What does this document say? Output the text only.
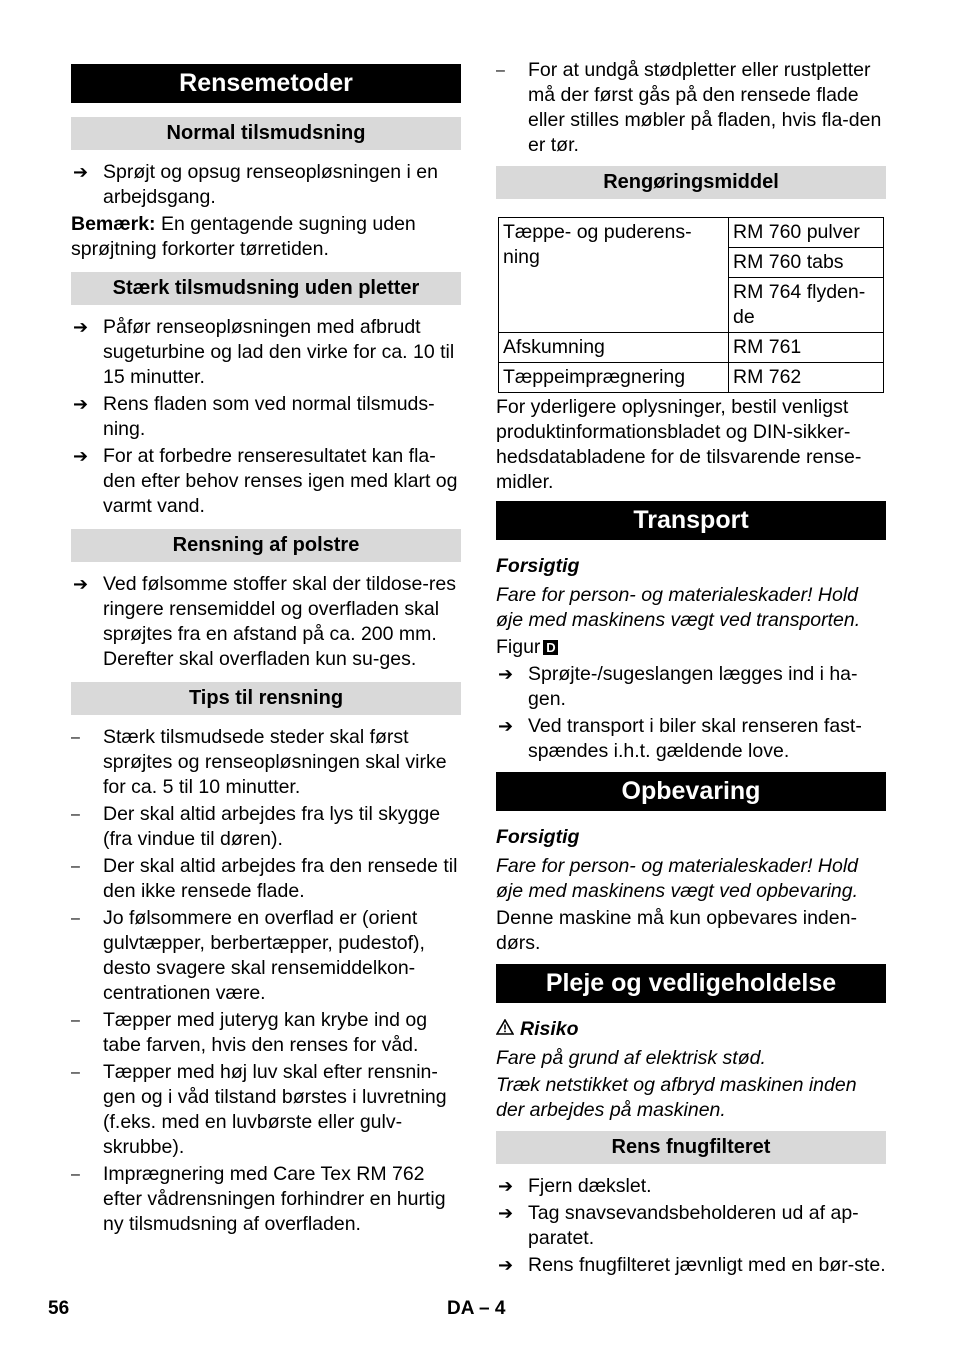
Rensemetoder
Normal tilsmudsning
➔ Sprøjt og opsug renseopløsningen i en arbejdsgang.

Bemærk: En gentagende sugning uden sprøjtning forkorter tørretiden.

Stærk tilsmudsning uden pletter
➔ Påfør renseopløsningen med afbrudt sugeturbine og lad den virke for ca. 10 til 15 minutter.
➔ Rens fladen som ved normal tilsmuds-ning.
➔ For at forbedre renseresultatet kan fla-den efter behov renses igen med klart og varmt vand.
Rensning af polstre
➔ Ved følsomme stoffer skal der tildose-res ringere rensemiddel og overfladen skal sprøjtes fra en afstand på ca. 200 mm. Derefter skal overfladen kun su-ges.
Tips til rensning
–	Stærk tilsmudsede steder skal først sprøjtes og renseopløsningen skal virke for ca. 5 til 10 minutter.
–	Der skal altid arbejdes fra lys til skygge (fra vindue til døren).
–	Der skal altid arbejdes fra den rensede til den ikke rensede flade.
–	Jo følsommere en overflad er (orient gulvtæpper, berbertæpper, pudestof), desto svagere skal rensemiddelkon-centrationen være.
–	Tæpper med juteryg kan krybe ind og tabe farven, hvis den renses for våd.
–	Tæpper med høj luv skal efter rensnin-gen og i våd tilstand børstes i luvretning (f.eks. med en luvbørste eller gulv-skrubbe).
–	Imprægnering med Care Tex RM 762 efter vådrensningen forhindrer en hurtig ny tilsmudsning af overfladen.
–	For at undgå stødpletter eller rustpletter må der først gås på den rensede flade eller stilles møbler på fladen, hvis fla-den er tør.
Rengøringsmiddel
Tæppe- og puderens-ning	RM 760 pulver
	RM 760 tabs
	RM 764 flyden-de
Afskumning	RM 761
Tæppeimprægnering	RM 762

For yderligere oplysninger, bestil venligst produktinformationsbladet og DIN-sikker-hedsdatabladene for de tilsvarende rense-midler.

Transport
Forsigtig

Fare for person- og materialeskader! Hold øje med maskinens vægt ved transporten.

Figur D

➔ Sprøjte-/sugeslangen lægges ind i ha-gen.
➔ Ved transport i biler skal renseren fast-spændes i.h.t. gældende love.
Opbevaring
Forsigtig

Fare for person- og materialeskader! Hold øje med maskinens vægt ved opbevaring.

Denne maskine må kun opbevares inden-dørs.

Pleje og vedligeholdelse
Risiko

Fare på grund af elektrisk stød.

Træk netstikket og afbryd maskinen inden der arbejdes på maskinen.

Rens fnugfilteret
➔ Fjern dækslet.
➔ Tag snavsevandsbeholderen ud af ap-paratet.
➔ Rens fnugfilteret jævnligt med en bør-ste.
56	DA – 4
